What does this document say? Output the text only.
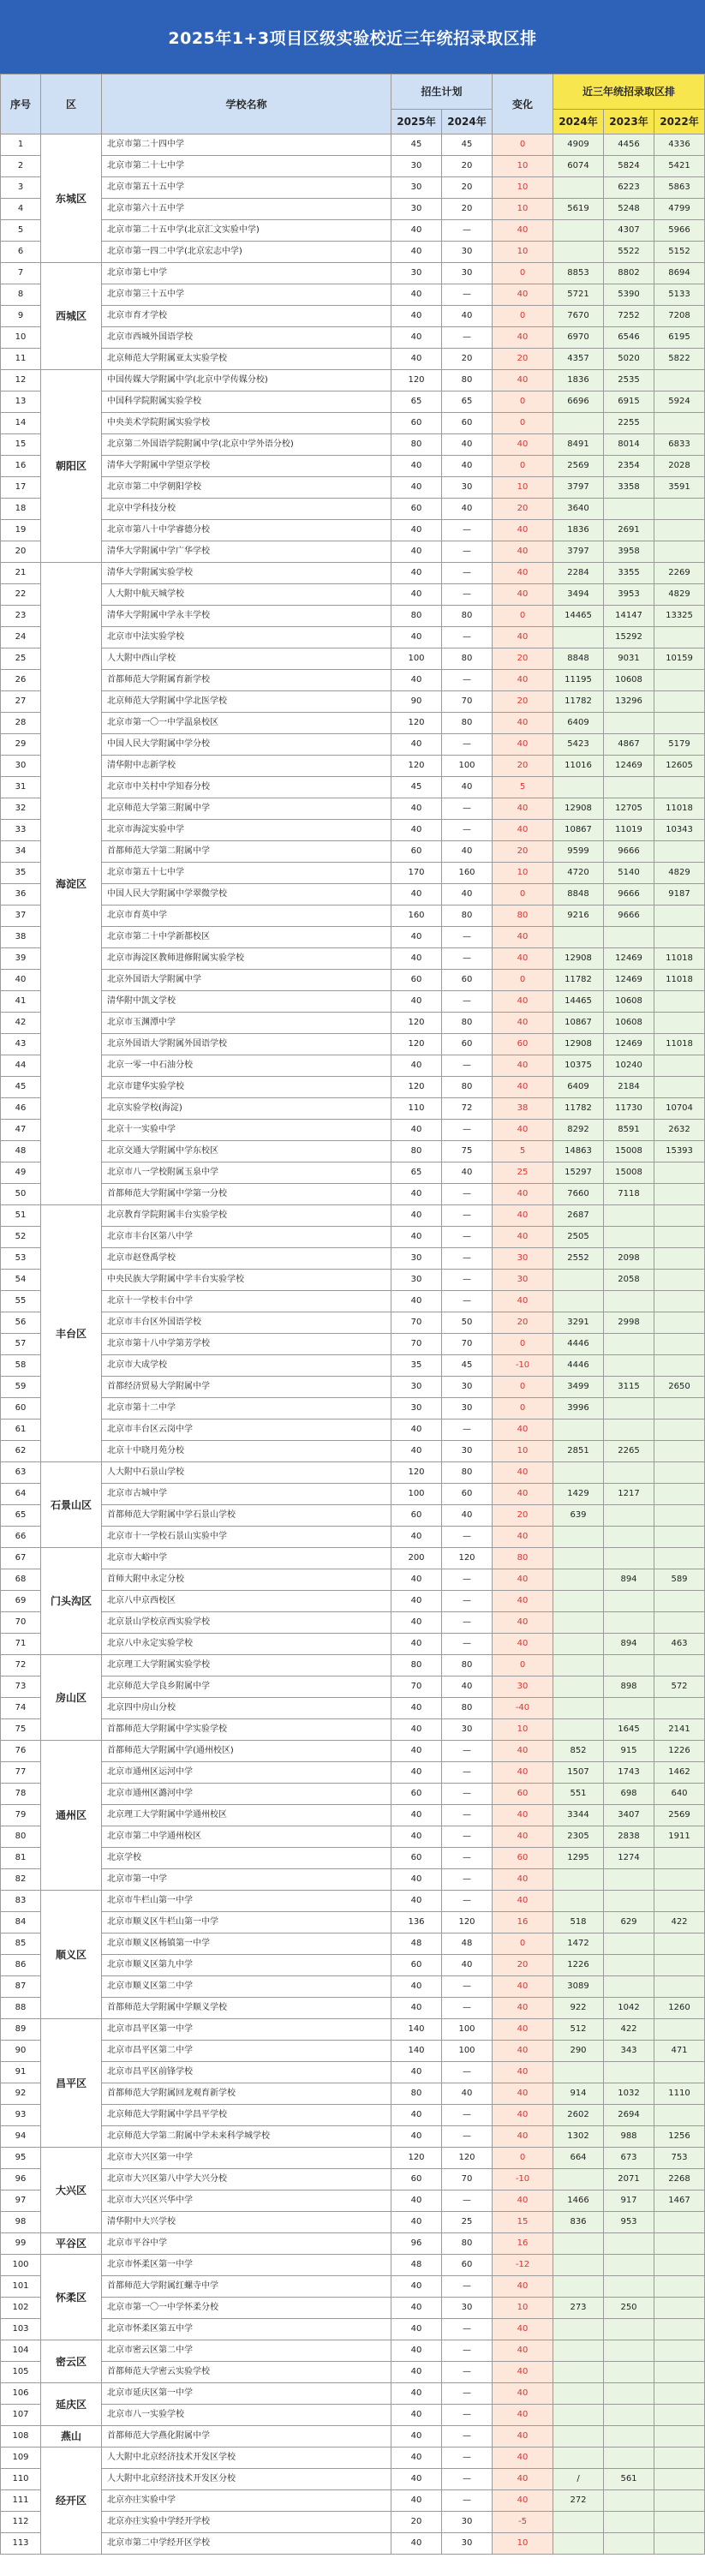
2025年1+3项目区级实验校近三年统招录取区排
序号	区	学校名称	招生计划		变化	近三年统招录取区排		
			2025年	2024年		2024年	2023年	2022年
1	东城区	北京市第二十四中学	45	45	0	4909	4456	4336
2		北京市第二十七中学	30	20	10	6074	5824	5421
3		北京市第五十五中学	30	20	10		6223	5863
4		北京市第六十五中学	30	20	10	5619	5248	4799
5		北京市第二十五中学(北京汇文实验中学)	40	—	40		4307	5966
6		北京市第一四二中学(北京宏志中学)	40	30	10		5522	5152
7	西城区	北京市第七中学	30	30	0	8853	8802	8694
8		北京市第三十五中学	40	—	40	5721	5390	5133
9		北京市育才学校	40	40	0	7670	7252	7208
10		北京市西城外国语学校	40	—	40	6970	6546	6195
11		北京师范大学附属亚太实验学校	40	20	20	4357	5020	5822
12	朝阳区	中国传媒大学附属中学(北京中学传媒分校)	120	80	40	1836	2535	
13		中国科学院附属实验学校	65	65	0	6696	6915	5924
14		中央美术学院附属实验学校	60	60	0		2255	
15		北京第二外国语学院附属中学(北京中学外语分校)	80	40	40	8491	8014	6833
16		清华大学附属中学望京学校	40	40	0	2569	2354	2028
17		北京市第二中学朝阳学校	40	30	10	3797	3358	3591
18		北京中学科技分校	60	40	20	3640		
19		北京市第八十中学睿德分校	40	—	40	1836	2691	
20		清华大学附属中学广华学校	40	—	40	3797	3958	
21	海淀区	清华大学附属实验学校	40	—	40	2284	3355	2269
22		人大附中航天城学校	40	—	40	3494	3953	4829
23		清华大学附属中学永丰学校	80	80	0	14465	14147	13325
24		北京市中法实验学校	40	—	40		15292	
25		人大附中西山学校	100	80	20	8848	9031	10159
26		首都师范大学附属育新学校	40	—	40	11195	10608	
27		北京师范大学附属中学北医学校	90	70	20	11782	13296	
28		北京市第一〇一中学温泉校区	120	80	40	6409		
29		中国人民大学附属中学分校	40	—	40	5423	4867	5179
30		清华附中志新学校	120	100	20	11016	12469	12605
31		北京市中关村中学知春分校	45	40	5			
32		北京师范大学第三附属中学	40	—	40	12908	12705	11018
33		北京市海淀实验中学	40	—	40	10867	11019	10343
34		首都师范大学第二附属中学	60	40	20	9599	9666	
35		北京市第五十七中学	170	160	10	4720	5140	4829
36		中国人民大学附属中学翠微学校	40	40	0	8848	9666	9187
37		北京市育英中学	160	80	80	9216	9666	
38		北京市第二十中学新都校区	40	—	40			
39		北京市海淀区教师进修附属实验学校	40	—	40	12908	12469	11018
40		北京外国语大学附属中学	60	60	0	11782	12469	11018
41		清华附中凯文学校	40	—	40	14465	10608	
42		北京市玉渊潭中学	120	80	40	10867	10608	
43		北京外国语大学附属外国语学校	120	60	60	12908	12469	11018
44		北京一零一中石油分校	40	—	40	10375	10240	
45		北京市建华实验学校	120	80	40	6409	2184	
46		北京实验学校(海淀)	110	72	38	11782	11730	10704
47		北京十一实验中学	40	—	40	8292	8591	2632
48		北京交通大学附属中学东校区	80	75	5	14863	15008	15393
49		北京市八一学校附属玉泉中学	65	40	25	15297	15008	
50		首都师范大学附属中学第一分校	40	—	40	7660	7118	
51	丰台区	北京教育学院附属丰台实验学校	40	—	40	2687		
52		北京市丰台区第八中学	40	—	40	2505		
53		北京市赵登禹学校	30	—	30	2552	2098	
54		中央民族大学附属中学丰台实验学校	30	—	30		2058	
55		北京十一学校丰台中学	40	—	40			
56		北京市丰台区外国语学校	70	50	20	3291	2998	
57		北京市第十八中学第芳学校	70	70	0	4446		
58		北京市大成学校	35	45	-10	4446		
59		首都经济贸易大学附属中学	30	30	0	3499	3115	2650
60		北京市第十二中学	30	30	0	3996		
61		北京市丰台区云岗中学	40	—	40			
62		北京十中晓月苑分校	40	30	10	2851	2265	
63	石景山区	人大附中石景山学校	120	80	40			
64		北京市古城中学	100	60	40	1429	1217	
65		首都师范大学附属中学石景山学校	60	40	20	639		
66		北京市十一学校石景山实验中学	40	—	40			
67	门头沟区	北京市大峪中学	200	120	80			
68		首师大附中永定分校	40	—	40		894	589
69		北京八中京西校区	40	—	40			
70		北京景山学校京西实验学校	40	—	40			
71		北京八中永定实验学校	40	—	40		894	463
72	房山区	北京理工大学附属实验学校	80	80	0			
73		北京师范大学良乡附属中学	70	40	30		898	572
74		北京四中房山分校	40	80	-40			
75		首都师范大学附属中学实验学校	40	30	10		1645	2141
76	通州区	首都师范大学附属中学(通州校区)	40	—	40	852	915	1226
77		北京市通州区运河中学	40	—	40	1507	1743	1462
78		北京市通州区潞河中学	60	—	60	551	698	640
79		北京理工大学附属中学通州校区	40	—	40	3344	3407	2569
80		北京市第二中学通州校区	40	—	40	2305	2838	1911
81		北京学校	60	—	60	1295	1274	
82		北京市第一中学	40	—	40			
83	顺义区	北京市牛栏山第一中学	40	—	40			
84		北京市顺义区牛栏山第一中学	136	120	16	518	629	422
85		北京市顺义区杨镇第一中学	48	48	0	1472		
86		北京市顺义区第九中学	60	40	20	1226		
87		北京市顺义区第二中学	40	—	40	3089		
88		首都师范大学附属中学顺义学校	40	—	40	922	1042	1260
89	昌平区	北京市昌平区第一中学	140	100	40	512	422	
90		北京市昌平区第二中学	140	100	40	290	343	471
91		北京市昌平区前锋学校	40	—	40			
92		首都师范大学附属回龙观育新学校	80	40	40	914	1032	1110
93		北京师范大学附属中学昌平学校	40	—	40	2602	2694	
94		北京师范大学第二附属中学未来科学城学校	40	—	40	1302	988	1256
95	大兴区	北京市大兴区第一中学	120	120	0	664	673	753
96		北京市大兴区第八中学大兴分校	60	70	-10		2071	2268
97		北京市大兴区兴华中学	40	—	40	1466	917	1467
98		清华附中大兴学校	40	25	15	836	953	
99	平谷区	北京市平谷中学	96	80	16			
100	怀柔区	北京市怀柔区第一中学	48	60	-12			
101		首都师范大学附属红螺寺中学	40	—	40			
102		北京市第一〇一中学怀柔分校	40	30	10	273	250	
103		北京市怀柔区第五中学	40	—	40			
104	密云区	北京市密云区第二中学	40	—	40			
105		首都师范大学密云实验学校	40	—	40			
106	延庆区	北京市延庆区第一中学	40	—	40			
107		北京市八一实验学校	40	—	40			
108	燕山	首都师范大学燕化附属中学	40	—	40			
109	经开区	人大附中北京经济技术开发区学校	40	—	40			
110		人大附中北京经济技术开发区分校	40	—	40	/	561	
111		北京亦庄实验中学	40	—	40	272		
112		北京亦庄实验中学经开学校	20	30	-5			
113		北京市第二中学经开区学校	40	30	10			
